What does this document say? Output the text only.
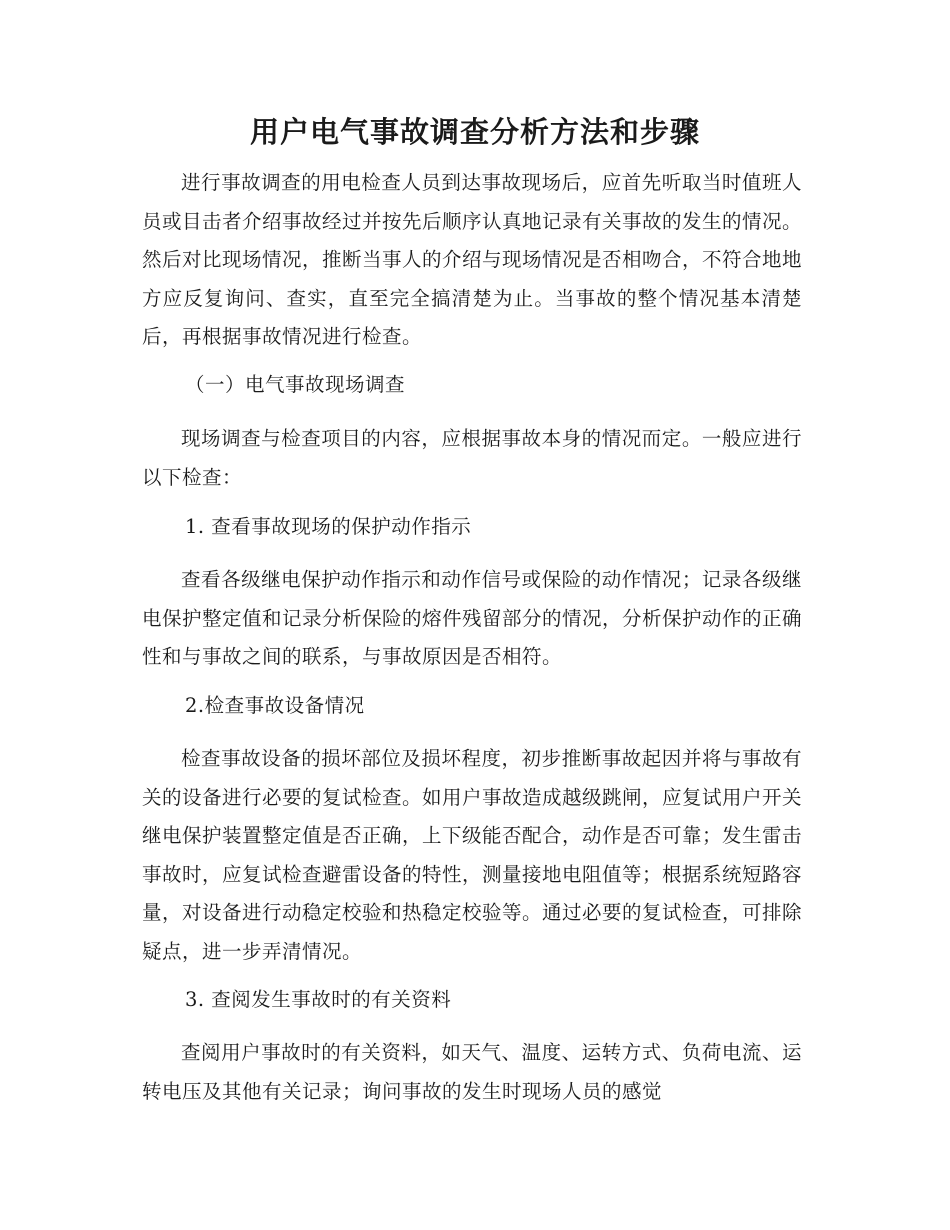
用户电气事故调查分析方法和步骤

进行事故调查的用电检查人员到达事故现场后，应首先听取当时值班人员或目击者介绍事故经过并按先后顺序认真地记录有关事故的发生的情况。然后对比现场情况，推断当事人的介绍与现场情况是否相吻合，不符合地地方应反复询问、查实，直至完全搞清楚为止。当事故的整个情况基本清楚后，再根据事故情况进行检查。

（一）电气事故现场调查

现场调查与检查项目的内容，应根据事故本身的情况而定。一般应进行以下检查：

1. 查看事故现场的保护动作指示

查看各级继电保护动作指示和动作信号或保险的动作情况；记录各级继电保护整定值和记录分析保险的熔件残留部分的情况，分析保护动作的正确性和与事故之间的联系，与事故原因是否相符。

2.检查事故设备情况

检查事故设备的损坏部位及损坏程度，初步推断事故起因并将与事故有关的设备进行必要的复试检查。如用户事故造成越级跳闸，应复试用户开关继电保护装置整定值是否正确，上下级能否配合，动作是否可靠；发生雷击事故时，应复试检查避雷设备的特性，测量接地电阻值等；根据系统短路容量，对设备进行动稳定校验和热稳定校验等。通过必要的复试检查，可排除疑点，进一步弄清情况。

3. 查阅发生事故时的有关资料

查阅用户事故时的有关资料，如天气、温度、运转方式、负荷电流、运转电压及其他有关记录；询问事故的发生时现场人员的感觉
